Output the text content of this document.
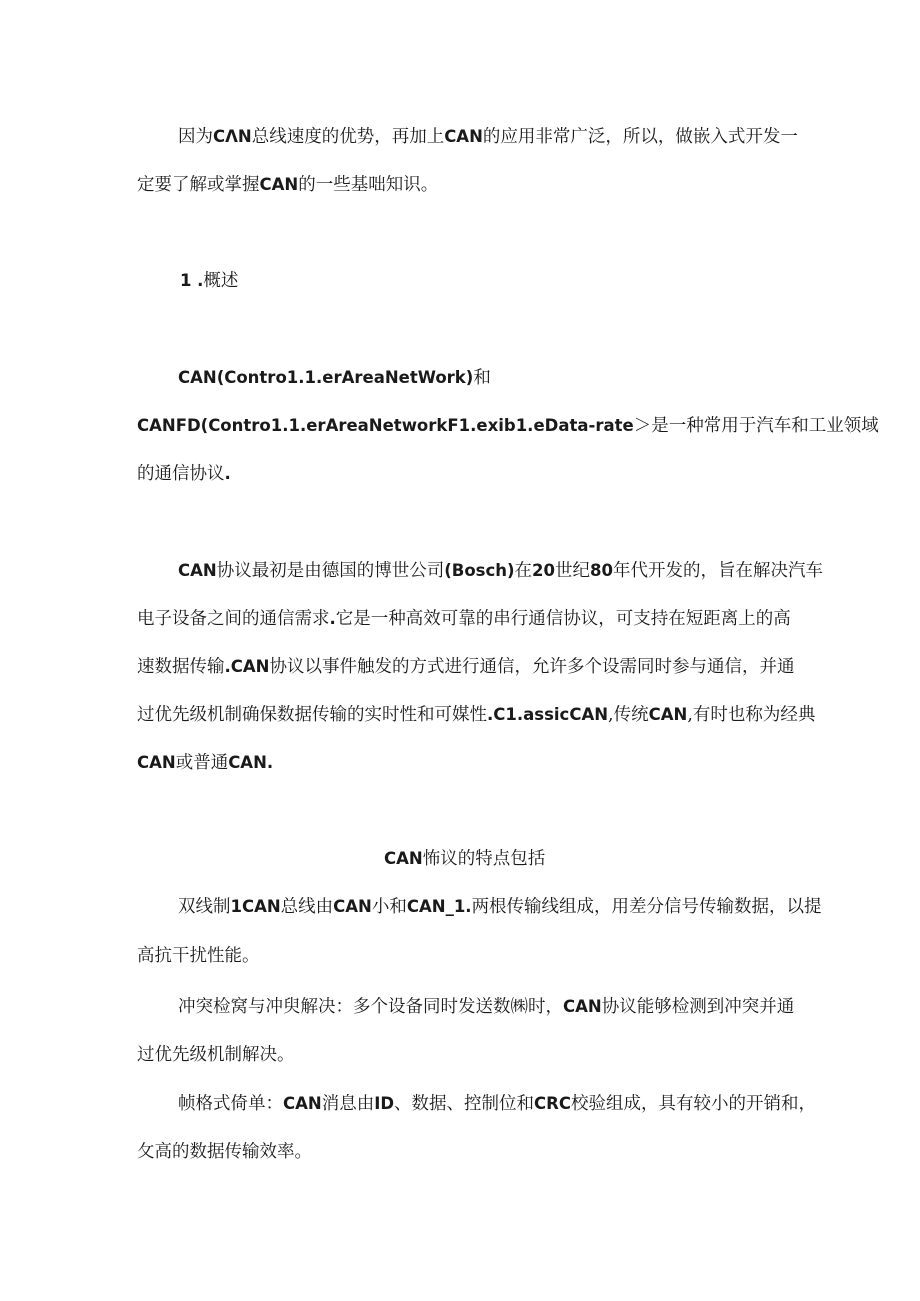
因为CΛN总线速度的优势，再加上CAN的应用非常广泛，所以，做嵌入式开发一
定要了解或掌握CAN的一些基咄知识。
1 .概述
CAN(Contro1.1.erAreaNetWork)和
CANFD(Contro1.1.erAreaNetworkF1.exib1.eData-rate＞是一种常用于汽车和工业领域
的通信协议.
CAN协议最初是由德国的博世公司(Bosch)在20世纪80年代开发的，旨在解决汽车
电子设备之间的通信需求.它是一种高效可靠的串行通信协议，可支持在短距离上的高
速数据传输.CAN协议以事件触发的方式进行通信，允许多个设需同时参与通信，并通
过优先级机制确保数据传输的实时性和可媒性.C1.assicCAN,传统CAN,有时也称为经典
CAN或普通CAN.
CAN怖议的特点包括
双线制1CAN总线由CAN小和CAN_1.两根传输线组成，用差分信号传输数据，以提
高抗干扰性能。
冲突检窝与冲臾解决：多个设备同时发送数㈱时，CAN协议能够检测到冲突并通
过优先级机制解决。
帧格式倚单：CAN消息由ID、数据、控制位和CRC校验组成，具有较小的开销和，
攵高的数据传输效率。
